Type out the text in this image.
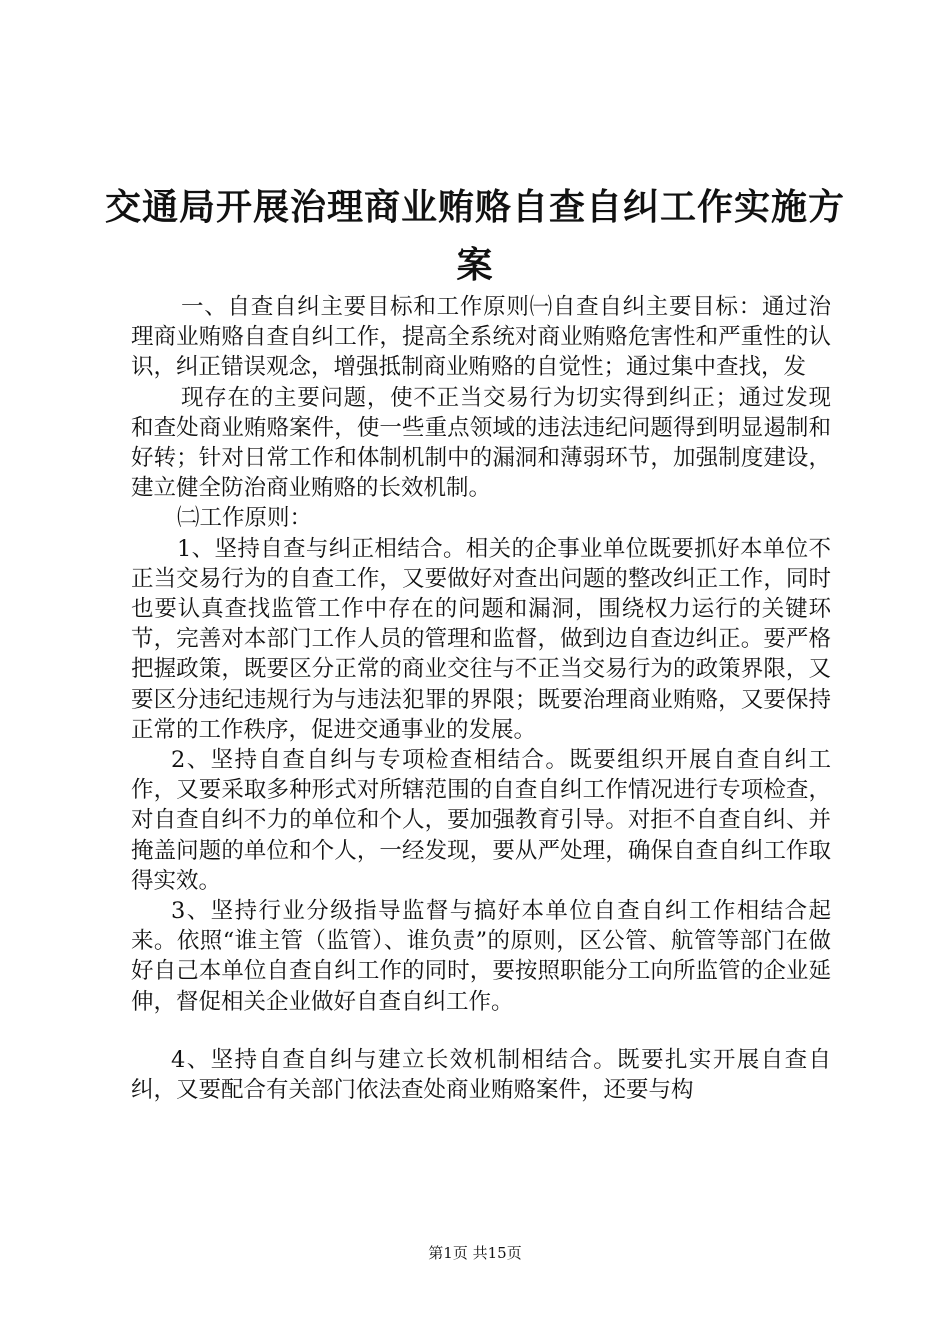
交通局开展治理商业贿赂自查自纠工作实施方案

一、自查自纠主要目标和工作原则㈠自查自纠主要目标：通过治理商业贿赂自查自纠工作，提高全系统对商业贿赂危害性和严重性的认识，纠正错误观念，增强抵制商业贿赂的自觉性；通过集中查找，发

现存在的主要问题，使不正当交易行为切实得到纠正；通过发现和查处商业贿赂案件，使一些重点领域的违法违纪问题得到明显遏制和好转；针对日常工作和体制机制中的漏洞和薄弱环节，加强制度建设，建立健全防治商业贿赂的长效机制。

㈡工作原则：

1、坚持自查与纠正相结合。相关的企事业单位既要抓好本单位不正当交易行为的自查工作，又要做好对查出问题的整改纠正工作，同时也要认真查找监管工作中存在的问题和漏洞，围绕权力运行的关键环节，完善对本部门工作人员的管理和监督，做到边自查边纠正。要严格把握政策，既要区分正常的商业交往与不正当交易行为的政策界限，又要区分违纪违规行为与违法犯罪的界限；既要治理商业贿赂，又要保持正常的工作秩序，促进交通事业的发展。

2、坚持自查自纠与专项检查相结合。既要组织开展自查自纠工作，又要采取多种形式对所辖范围的自查自纠工作情况进行专项检查，对自查自纠不力的单位和个人，要加强教育引导。对拒不自查自纠、并掩盖问题的单位和个人，一经发现，要从严处理，确保自查自纠工作取得实效。

3、坚持行业分级指导监督与搞好本单位自查自纠工作相结合起来。依照“谁主管（监管）、谁负责”的原则，区公管、航管等部门在做好自己本单位自查自纠工作的同时，要按照职能分工向所监管的企业延伸，督促相关企业做好自查自纠工作。

4、坚持自查自纠与建立长效机制相结合。既要扎实开展自查自纠，又要配合有关部门依法查处商业贿赂案件，还要与构

第1页 共15页
